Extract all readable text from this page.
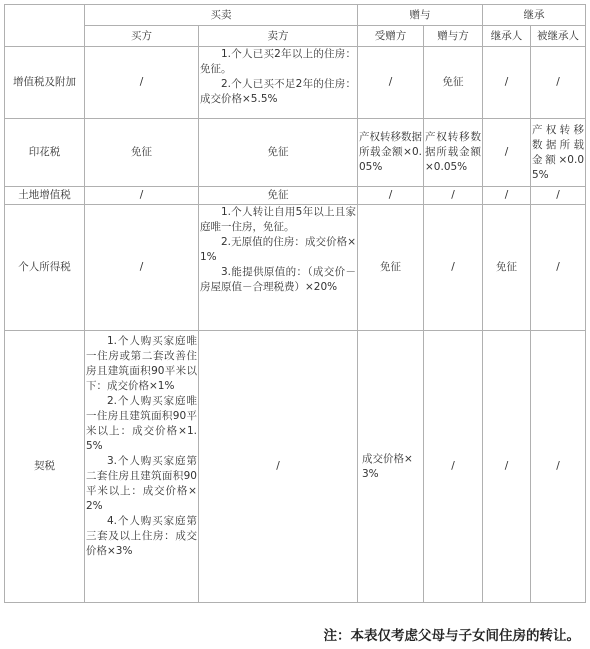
	买卖		赠与		继承	
	买方	卖方	受赠方	赠与方	继承人	被继承人
增值税及附加	/	1.个人已买2年以上的住房：免征。
2.个人已买不足2年的住房：成交价格×5.5%	/	免征	/	/
印花税	免征	免征	产权转移数据所载金额×0.05%	产权转移数据所载金额×0.05%	/	产权转移数据所载金额×0.05%
土地增值税	/	免征	/	/	/	/
个人所得税	/	1.个人转让自用5年以上且家庭唯一住房，免征。
2.无原值的住房：成交价格×1%
3.能提供原值的：（成交价－房屋原值－合理税费）×20%	免征	/	免征	/
契税	1.个人购买家庭唯一住房或第二套改善住房且建筑面积90平米以下：成交价格×1%
2.个人购买家庭唯一住房且建筑面积90平米以上：成交价格×1.5%
3.个人购买家庭第二套住房且建筑面积90平米以上：成交价格×2%
4.个人购买家庭第三套及以上住房：成交价格×3%	/	成交价格×3%	/	/	/
注：本表仅考虑父母与子女间住房的转让。
